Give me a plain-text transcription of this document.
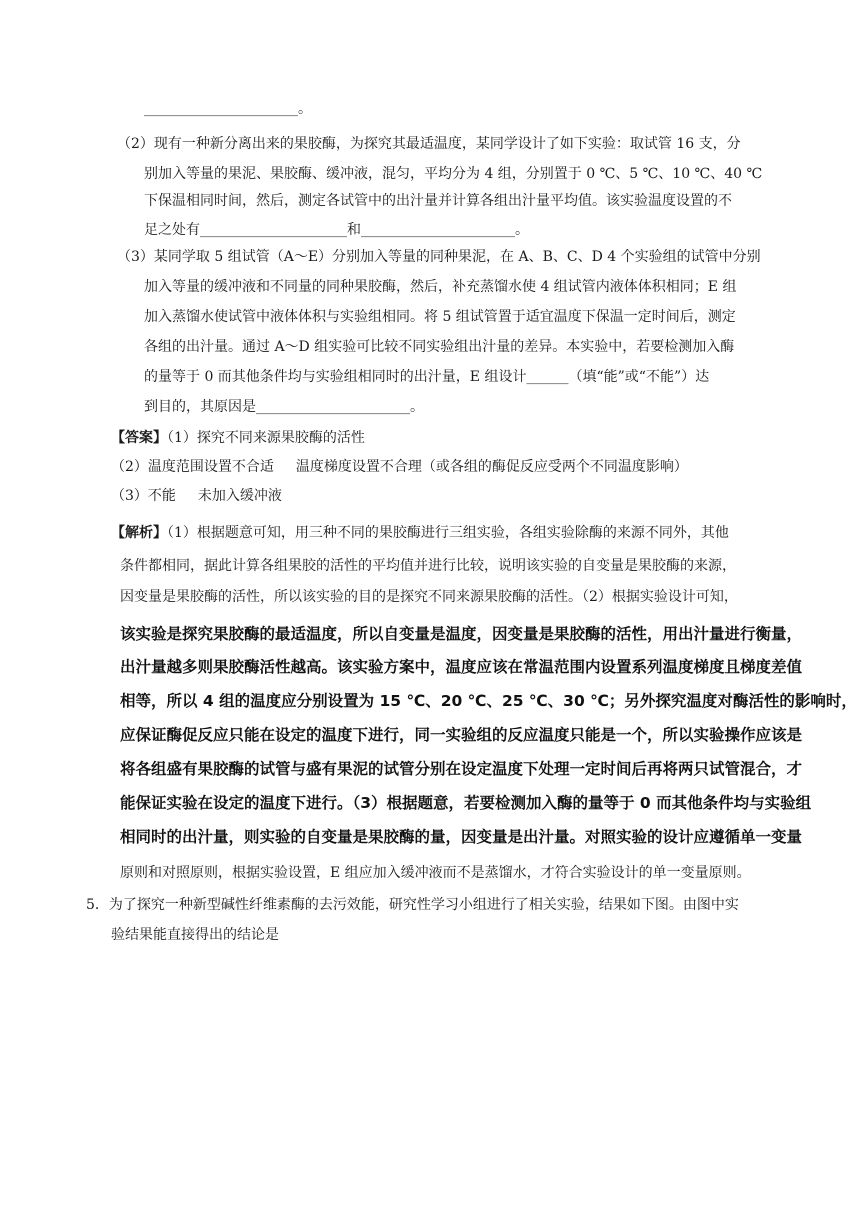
______________________。
（2）现有一种新分离出来的果胶酶，为探究其最适温度，某同学设计了如下实验：取试管 16 支，分
别加入等量的果泥、果胶酶、缓冲液，混匀，平均分为 4 组，分别置于 0 ℃、5 ℃、10 ℃、40 ℃
下保温相同时间，然后，测定各试管中的出汁量并计算各组出汁量平均值。该实验温度设置的不
足之处有_____________________和______________________。
（3）某同学取 5 组试管（A～E）分别加入等量的同种果泥，在 A、B、C、D 4 个实验组的试管中分别
加入等量的缓冲液和不同量的同种果胶酶，然后，补充蒸馏水使 4 组试管内液体体积相同；E 组
加入蒸馏水使试管中液体体积与实验组相同。将 5 组试管置于适宜温度下保温一定时间后，测定
各组的出汁量。通过 A～D 组实验可比较不同实验组出汁量的差异。本实验中，若要检测加入酶
的量等于 0 而其他条件均与实验组相同时的出汁量，E 组设计______（填“能”或“不能”）达
到目的，其原因是______________________。
【答案】（1）探究不同来源果胶酶的活性
（2）温度范围设置不合适 温度梯度设置不合理（或各组的酶促反应受两个不同温度影响）
（3）不能 未加入缓冲液
【解析】（1）根据题意可知，用三种不同的果胶酶进行三组实验，各组实验除酶的来源不同外，其他
条件都相同，据此计算各组果胶的活性的平均值并进行比较，说明该实验的自变量是果胶酶的来源，
因变量是果胶酶的活性，所以该实验的目的是探究不同来源果胶酶的活性。（2）根据实验设计可知，
该实验是探究果胶酶的最适温度，所以自变量是温度，因变量是果胶酶的活性，用出汁量进行衡量，
出汁量越多则果胶酶活性越高。该实验方案中，温度应该在常温范围内设置系列温度梯度且梯度差值
相等，所以 4 组的温度应分别设置为 15 ℃、20 ℃、25 ℃、30 ℃；另外探究温度对酶活性的影响时，
应保证酶促反应只能在设定的温度下进行，同一实验组的反应温度只能是一个，所以实验操作应该是
将各组盛有果胶酶的试管与盛有果泥的试管分别在设定温度下处理一定时间后再将两只试管混合，才
能保证实验在设定的温度下进行。（3）根据题意，若要检测加入酶的量等于 0 而其他条件均与实验组
相同时的出汁量，则实验的自变量是果胶酶的量，因变量是出汁量。对照实验的设计应遵循单一变量
原则和对照原则，根据实验设置，E 组应加入缓冲液而不是蒸馏水，才符合实验设计的单一变量原则。
5．为了探究一种新型碱性纤维素酶的去污效能，研究性学习小组进行了相关实验，结果如下图。由图中实
验结果能直接得出的结论是
